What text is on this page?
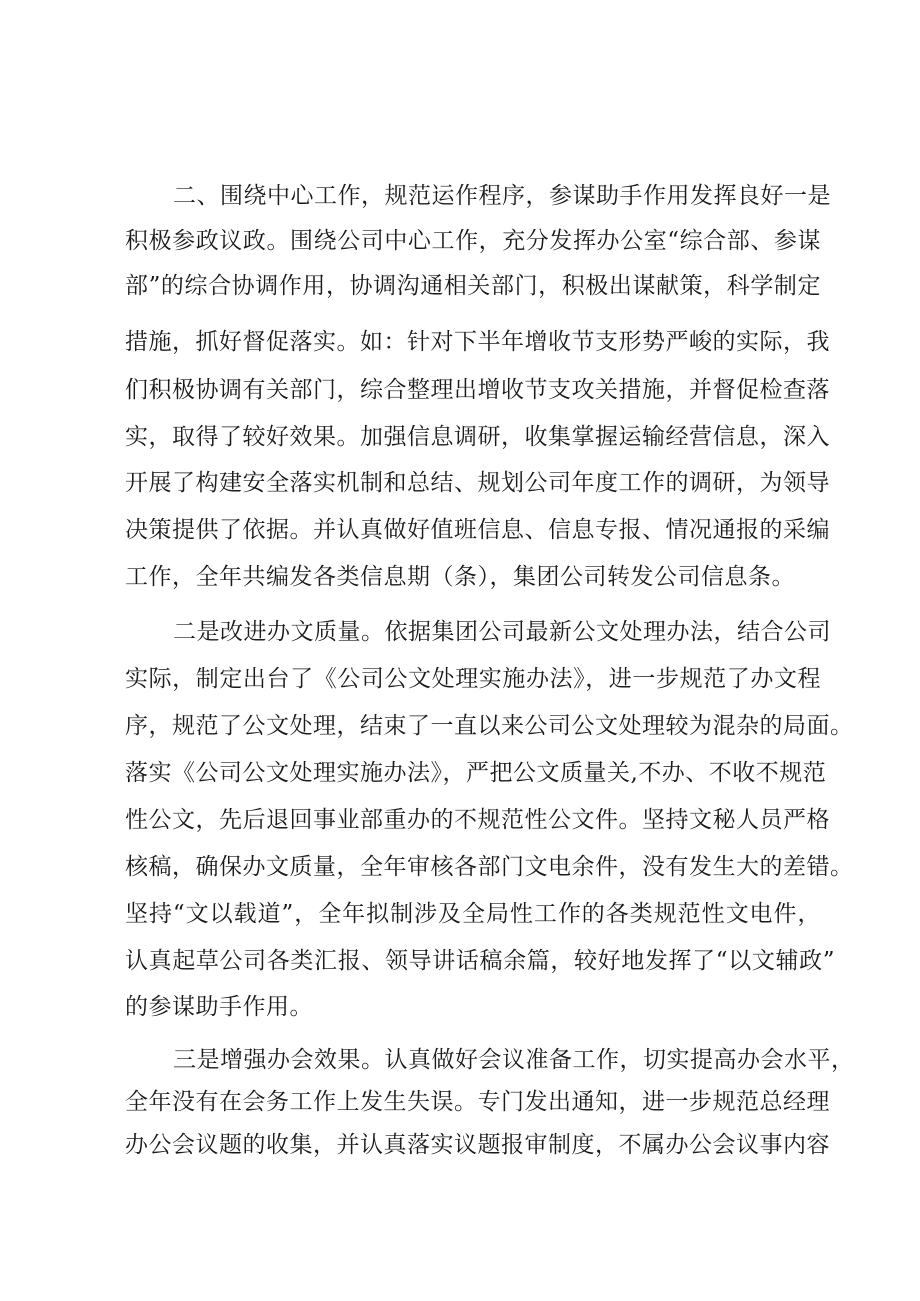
二、围绕中心工作，规范运作程序，参谋助手作用发挥良好一是
积极参政议政。围绕公司中心工作，充分发挥办公室“综合部、参谋
部”的综合协调作用，协调沟通相关部门，积极出谋献策，科学制定
措施，抓好督促落实。如：针对下半年增收节支形势严峻的实际，我
们积极协调有关部门，综合整理出增收节支攻关措施，并督促检查落
实，取得了较好效果。加强信息调研，收集掌握运输经营信息，深入
开展了构建安全落实机制和总结、规划公司年度工作的调研，为领导
决策提供了依据。并认真做好值班信息、信息专报、情况通报的采编
工作，全年共编发各类信息期（条），集团公司转发公司信息条。
二是改进办文质量。依据集团公司最新公文处理办法，结合公司
实际，制定出台了《公司公文处理实施办法》，进一步规范了办文程
序，规范了公文处理，结束了一直以来公司公文处理较为混杂的局面。
落实《公司公文处理实施办法》，严把公文质量关,不办、不收不规范
性公文，先后退回事业部重办的不规范性公文件。坚持文秘人员严格
核稿，确保办文质量，全年审核各部门文电余件，没有发生大的差错。
坚持“文以载道”，全年拟制涉及全局性工作的各类规范性文电件，
认真起草公司各类汇报、领导讲话稿余篇，较好地发挥了“以文辅政”
的参谋助手作用。
三是增强办会效果。认真做好会议准备工作，切实提高办会水平，
全年没有在会务工作上发生失误。专门发出通知，进一步规范总经理
办公会议题的收集，并认真落实议题报审制度，不属办公会议事内容
